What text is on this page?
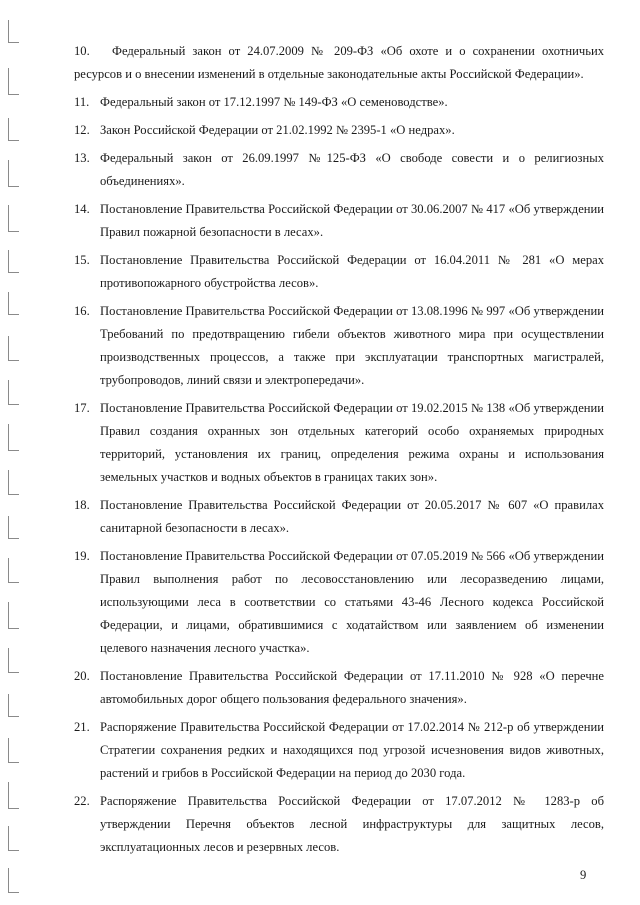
10. Федеральный закон от 24.07.2009 № 209-ФЗ «Об охоте и о сохранении охотничьих ресурсов и о внесении изменений в отдельные законодательные акты Российской Федерации».
11. Федеральный закон от 17.12.1997 № 149-ФЗ «О семеноводстве».
12. Закон Российской Федерации от 21.02.1992 № 2395-1 «О недрах».
13. Федеральный закон от 26.09.1997 №125-ФЗ «О свободе совести и о религиозных объединениях».
14. Постановление Правительства Российской Федерации от 30.06.2007 № 417 «Об утверждении Правил пожарной безопасности в лесах».
15. Постановление Правительства Российской Федерации от 16.04.2011 № 281 «О мерах противопожарного обустройства лесов».
16. Постановление Правительства Российской Федерации от 13.08.1996 № 997 «Об утверждении Требований по предотвращению гибели объектов животного мира при осуществлении производственных процессов, а также при эксплуатации транспортных магистралей, трубопроводов, линий связи и электропередачи».
17. Постановление Правительства Российской Федерации от 19.02.2015 № 138 «Об утверждении Правил создания охранных зон отдельных категорий особо охраняемых природных территорий, установления их границ, определения режима охраны и использования земельных участков и водных объектов в границах таких зон».
18. Постановление Правительства Российской Федерации от 20.05.2017 № 607 «О правилах санитарной безопасности в лесах».
19. Постановление Правительства Российской Федерации от 07.05.2019 № 566 «Об утверждении Правил выполнения работ по лесовосстановлению или лесоразведению лицами, использующими леса в соответствии со статьями 43-46 Лесного кодекса Российской Федерации, и лицами, обратившимися с ходатайством или заявлением об изменении целевого назначения лесного участка».
20. Постановление Правительства Российской Федерации от 17.11.2010 № 928 «О перечне автомобильных дорог общего пользования федерального значения».
21. Распоряжение Правительства Российской Федерации от 17.02.2014 № 212-р об утверждении Стратегии сохранения редких и находящихся под угрозой исчезновения видов животных, растений и грибов в Российской Федерации на период до 2030 года.
22. Распоряжение Правительства Российской Федерации от 17.07.2012 № 1283-р об утверждении Перечня объектов лесной инфраструктуры для защитных лесов, эксплуатационных лесов и резервных лесов.
9
